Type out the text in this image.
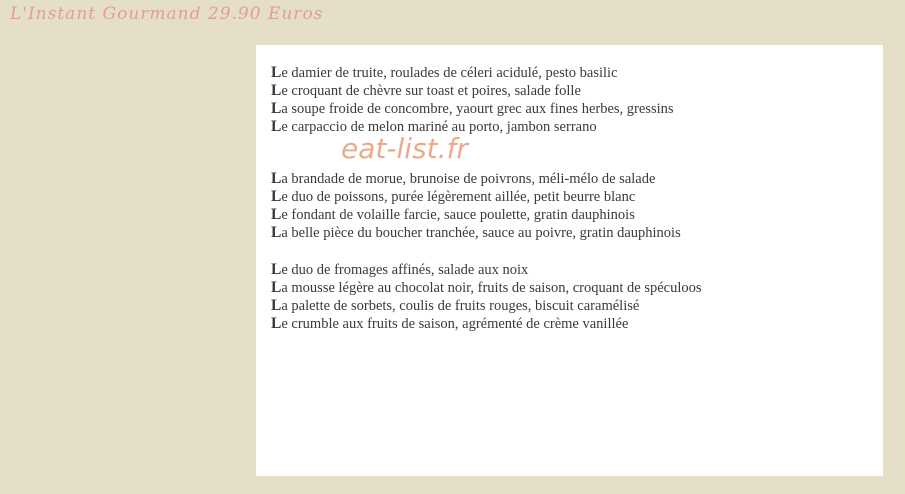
L'Instant Gourmand 29.90 Euros
Le damier de truite, roulades de céleri acidulé, pesto basilic
Le croquant de chèvre sur toast et poires, salade folle
La soupe froide de concombre, yaourt grec aux fines herbes, gressins
Le carpaccio de melon mariné au porto, jambon serrano
eat-list.fr
La brandade de morue, brunoise de poivrons, méli-mélo de salade
Le duo de poissons, purée légèrement aillée, petit beurre blanc
Le fondant de volaille farcie, sauce poulette, gratin dauphinois
La belle pièce du boucher tranchée, sauce au poivre, gratin dauphinois
Le duo de fromages affinés, salade aux noix
La mousse légère au chocolat noir, fruits de saison, croquant de spéculoos
La palette de sorbets, coulis de fruits rouges, biscuit caramélisé
Le crumble aux fruits de saison, agrémenté de crème vanillée
